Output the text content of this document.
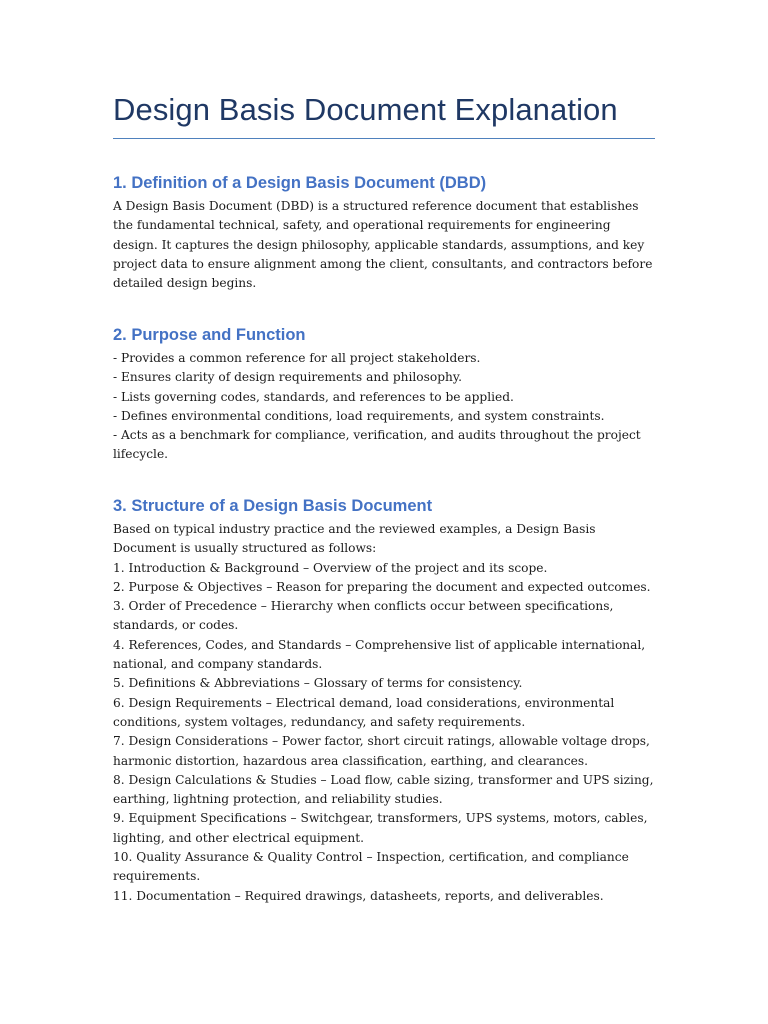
Design Basis Document Explanation
1. Definition of a Design Basis Document (DBD)

A Design Basis Document (DBD) is a structured reference document that establishes the fundamental technical, safety, and operational requirements for engineering design. It captures the design philosophy, applicable standards, assumptions, and key project data to ensure alignment among the client, consultants, and contractors before detailed design begins.

2. Purpose and Function

- Provides a common reference for all project stakeholders.

- Ensures clarity of design requirements and philosophy.

- Lists governing codes, standards, and references to be applied.

- Defines environmental conditions, load requirements, and system constraints.

- Acts as a benchmark for compliance, verification, and audits throughout the project lifecycle.

3. Structure of a Design Basis Document

Based on typical industry practice and the reviewed examples, a Design Basis Document is usually structured as follows:

1. Introduction & Background – Overview of the project and its scope.

2. Purpose & Objectives – Reason for preparing the document and expected outcomes.

3. Order of Precedence – Hierarchy when conflicts occur between specifications, standards, or codes.

4. References, Codes, and Standards – Comprehensive list of applicable international, national, and company standards.

5. Definitions & Abbreviations – Glossary of terms for consistency.

6. Design Requirements – Electrical demand, load considerations, environmental conditions, system voltages, redundancy, and safety requirements.

7. Design Considerations – Power factor, short circuit ratings, allowable voltage drops, harmonic distortion, hazardous area classification, earthing, and clearances.

8. Design Calculations & Studies – Load flow, cable sizing, transformer and UPS sizing, earthing, lightning protection, and reliability studies.

9. Equipment Specifications – Switchgear, transformers, UPS systems, motors, cables, lighting, and other electrical equipment.

10. Quality Assurance & Quality Control – Inspection, certification, and compliance requirements.

11. Documentation – Required drawings, datasheets, reports, and deliverables.
